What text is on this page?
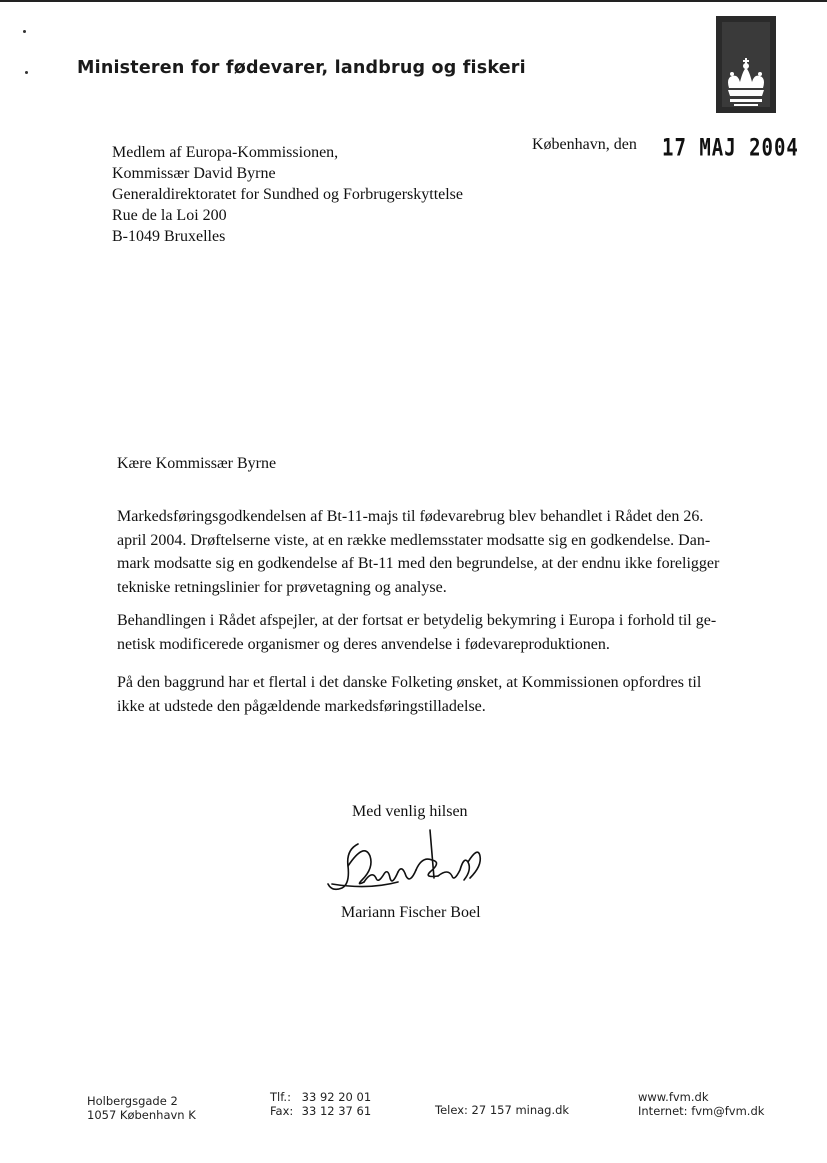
Ministeren for fødevarer, landbrug og fiskeri
Medlem af Europa-Kommissionen,
Kommissær David Byrne
Generaldirektoratet for Sundhed og Forbrugerskyttelse
Rue de la Loi 200
B-1049 Bruxelles
København, den 17 MAJ 2004
Kære Kommissær Byrne
Markedsføringsgodkendelsen af Bt-11-majs til fødevarebrug blev behandlet i Rådet den 26.
april 2004. Drøftelserne viste, at en række medlemsstater modsatte sig en godkendelse. Dan-
mark modsatte sig en godkendelse af Bt-11 med den begrundelse, at der endnu ikke foreligger
tekniske retningslinier for prøvetagning og analyse.
Behandlingen i Rådet afspejler, at der fortsat er betydelig bekymring i Europa i forhold til ge-
netisk modificerede organismer og deres anvendelse i fødevareproduktionen.
På den baggrund har et flertal i det danske Folketing ønsket, at Kommissionen opfordres til
ikke at udstede den pågældende markedsføringstilladelse.
Med venlig hilsen
Mariann Fischer Boel
Holbergsgade 2
1057 København K
Tlf.: 33 92 20 01
Fax: 33 12 37 61	Telex: 27 157 minag.dk
www.fvm.dk
Internet: fvm@fvm.dk
